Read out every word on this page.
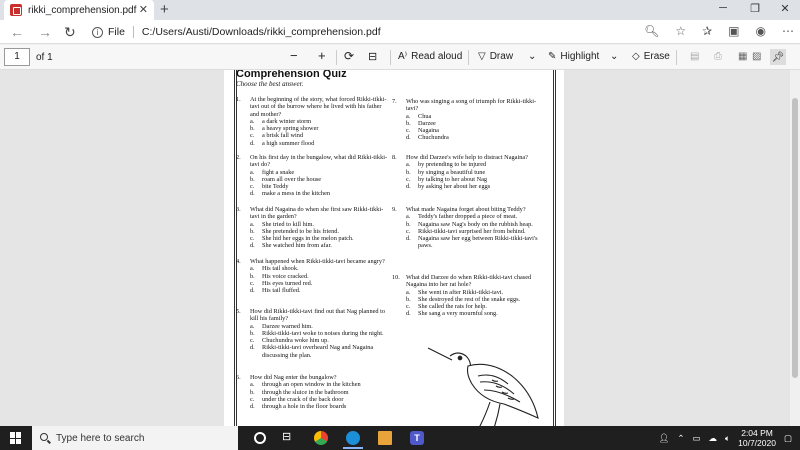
rikki_comprehension.pdf ✕ +	─	❐	✕
← → ↻	i File C:/Users/Austi/Downloads/rikki_comprehension.pdf	🔍︎ ☆ ✰ ▣ ◉ ⋯
1	of 1	− + ⟳ ⊟ A⁾ Read aloud ▽ Draw ⌄ ✎ Highlight ⌄ ◇ Erase ▤ ⎙ ▦ ▨ 📌︎
Comprehension Quiz
Choose the best answer.
1.	At the beginning of the story, what forced Rikki-tikki-tavi out of the burrow where he lived with his father and mother?
a.	a dark winter storm
b.	a heavy spring shower
c.	a brisk fall wind
d.	a high summer flood
2.	On his first day in the bungalow, what did Rikki-tikki-tavi do?
a.	fight a snake
b.	roam all over the house
c.	bite Teddy
d.	make a mess in the kitchen
3.	What did Nagaina do when she first saw Rikki-tikki-tavi in the garden?
a.	She tried to kill him.
b.	She pretended to be his friend.
c.	She hid her eggs in the melon patch.
d.	She watched him from afar.
4.	What happened when Rikki-tikki-tavi became angry?
a.	His tail shook.
b.	His voice cracked.
c.	His eyes turned red.
d.	His tail fluffed.
5.	How did Rikki-tikki-tavi find out that Nag planned to kill his family?
a.	Darzee warned him.
b.	Rikki-tikki-tavi woke to noises during the night.
c.	Chuchundra woke him up.
d.	Rikki-tikki-tavi overheard Nag and Nagaina discussing the plan.
6.	How did Nag enter the bungalow?
a.	through an open window in the kitchen
b.	through the sluice in the bathroom
c.	under the crack of the back door
d.	through a hole in the floor boards
7.	Who was singing a song of triumph for Rikki-tikki-tavi?
a.	Chua
b.	Darzee
c.	Nagaina
d.	Chuchundra
8.	How did Darzee's wife help to distract Nagaina?
a.	by pretending to be injured
b.	by singing a beautiful tune
c.	by talking to her about Nag
d.	by asking her about her eggs
9.	What made Nagaina forget about biting Teddy?
a.	Teddy's father dropped a piece of meat.
b.	Nagaina saw Nag's body on the rubbish heap.
c.	Rikki-tikki-tavi surprised her from behind.
d.	Nagaina saw her egg between Rikki-tikki-tavi's paws.
10. What did Darzee do when Rikki-tikki-tavi chased Nagaina into her rat hole?
a.	She went in after Rikki-tikki-tavi.
b.	She destroyed the rest of the snake eggs.
c.	She called the rats for help.
d.	She sang a very mournful song.
Type here to search	⊟	T	👤︎ ⌃ ▭ ☁︎ 🔈︎	2:04 PM
10/7/2020
▢
